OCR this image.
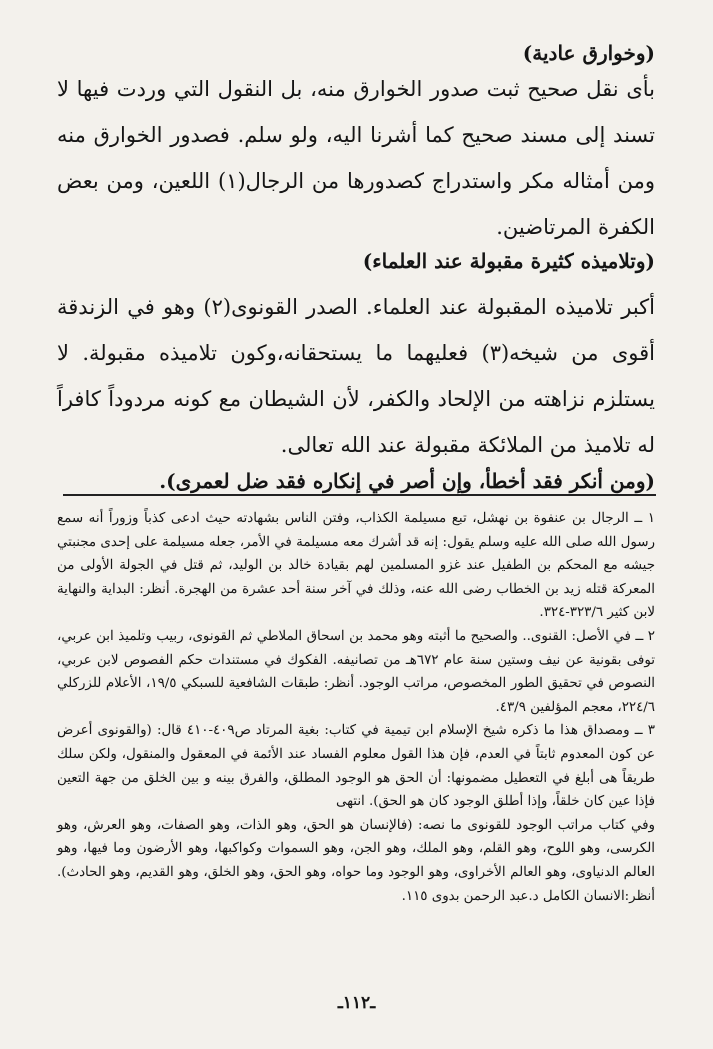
(وخوارق عادية)
بأى نقل صحيح ثبت صدور الخوارق منه، بل النقول التي وردت فيها لا تسند إلى مسند صحيح كما أشرنا اليه، ولو سلم. فصدور الخوارق منه ومن أمثاله مكر واستدراج كصدورها من الرجال(١) اللعين، ومن بعض الكفرة المرتاضين.
(وتلاميذه كثيرة مقبولة عند العلماء)
أكبر تلاميذه المقبولة عند العلماء. الصدر القونوى(٢) وهو في الزندقة أقوى من شيخه(٣) فعليهما ما يستحقانه،وكون تلاميذه مقبولة. لا يستلزم نزاهته من الإلحاد والكفر، لأن الشيطان مع كونه مردوداً كافراً له تلاميذ من الملائكة مقبولة عند الله تعالى.
(ومن أنكر فقد أخطأ، وإن أصر في إنكاره فقد ضل لعمرى).

١ ــ الرجال بن عنفوة بن نهشل، تبع مسيلمة الكذاب، وفتن الناس بشهادته حيث ادعى كذباً وزوراً أنه سمع رسول الله صلى الله عليه وسلم يقول: إنه قد أشرك معه مسيلمة في الأمر، جعله مسيلمة على إحدى مجنبتي جيشه مع المحكم بن الطفيل عند غزو المسلمين لهم بقيادة خالد بن الوليد، ثم قتل في الجولة الأولى من المعركة قتله زيد بن الخطاب رضى الله عنه، وذلك في آخر سنة أحد عشرة من الهجرة. أنظر: البداية والنهاية لابن كثير ٣٢٣/٦-٣٢٤.

٢ ــ في الأصل: القنوى.. والصحيح ما أثبته وهو محمد بن اسحاق الملاطي ثم القونوى، ربيب وتلميذ ابن عربي، توفى بقونية عن نيف وستين سنة عام ٦٧٢هـ من تصانيفه. الفكوك في مستندات حكم الفصوص لابن عربي، النصوص في تحقيق الطور المخصوص، مراتب الوجود. أنظر: طبقات الشافعية للسبكي ١٩/٥، الأعلام للزركلي ٢٢٤/٦، معجم المؤلفين ٤٣/٩.

٣ ــ ومصداق هذا ما ذكره شيخ الإسلام ابن تيمية في كتاب: بغية المرتاد ص٤٠٩-٤١٠ قال: (والقونوى أعرض عن كون المعدوم ثابتاً في العدم، فإن هذا القول معلوم الفساد عند الأئمة في المعقول والمنقول، ولكن سلك طريقاً هى أبلغ في التعطيل مضمونها: أن الحق هو الوجود المطلق، والفرق بينه و بين الخلق من جهة التعين فإذا عين كان خلقاً، وإذا أطلق الوجود كان هو الحق). انتهى

وفي كتاب مراتب الوجود للقونوى ما نصه: (فالإنسان هو الحق، وهو الذات، وهو الصفات، وهو العرش، وهو الكرسى، وهو اللوح، وهو القلم، وهو الملك، وهو الجن، وهو السموات وكواكبها، وهو الأرضون وما فيها، وهو العالم الدنياوى، وهو العالم الأخراوى، وهو الوجود وما حواه، وهو الحق، وهو الخلق، وهو القديم، وهو الحادث). أنظر:الانسان الكامل د.عبد الرحمن بدوى ١١٥.

ـ١١٢ـ
